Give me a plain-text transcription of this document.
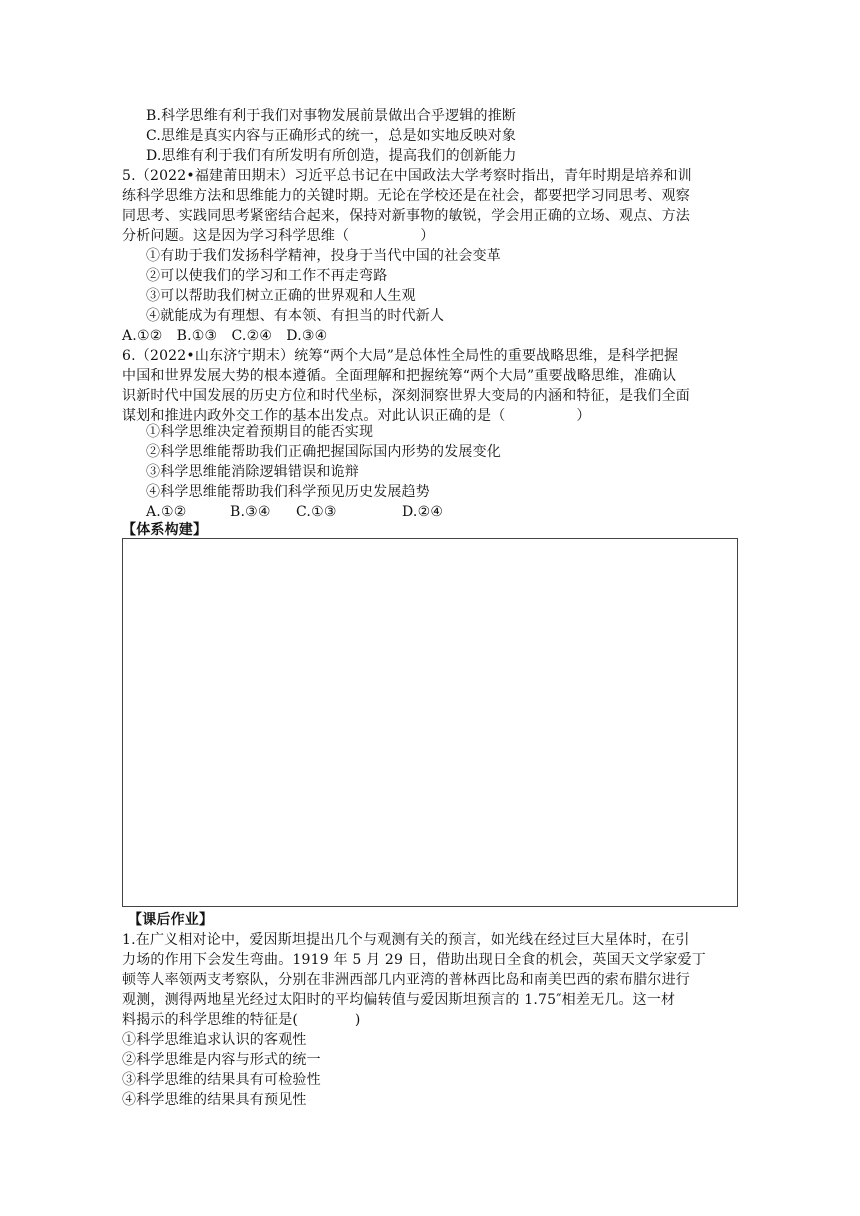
B.科学思维有利于我们对事物发展前景做出合乎逻辑的推断
C.思维是真实内容与正确形式的统一，总是如实地反映对象
D.思维有利于我们有所发明有所创造，提高我们的创新能力
5.（2022•福建莆田期末）习近平总书记在中国政法大学考察时指出，青年时期是培养和训
练科学思维方法和思维能力的关键时期。无论在学校还是在社会，都要把学习同思考、观察
同思考、实践同思考紧密结合起来，保持对新事物的敏锐，学会用正确的立场、观点、方法
分析问题。这是因为学习科学思维（　　　　　）
①有助于我们发扬科学精神，投身于当代中国的社会变革
②可以使我们的学习和工作不再走弯路
③可以帮助我们树立正确的世界观和人生观
④就能成为有理想、有本领、有担当的时代新人
A.①②　B.①③　C.②④　D.③④
6.（2022•山东济宁期末）统筹“两个大局”是总体性全局性的重要战略思维，是科学把握
中国和世界发展大势的根本遵循。全面理解和把握统筹“两个大局”重要战略思维，准确认
识新时代中国发展的历史方位和时代坐标，深刻洞察世界大变局的内涵和特征，是我们全面
谋划和推进内政外交工作的基本出发点。对此认识正确的是（　　　　　）
①科学思维决定着预期目的能否实现
②科学思维能帮助我们正确把握国际国内形势的发展变化
③科学思维能消除逻辑错误和诡辩
④科学思维能帮助我们科学预见历史发展趋势
A.①②	B.③④ C.①③	D.②④
【体系构建】
【课后作业】
1.在广义相对论中，爱因斯坦提出几个与观测有关的预言，如光线在经过巨大星体时，在引
力场的作用下会发生弯曲。1919 年 5 月 29 日，借助出现日全食的机会，英国天文学家爱丁
顿等人率领两支考察队，分别在非洲西部几内亚湾的普林西比岛和南美巴西的索布腊尔进行
观测，测得两地星光经过太阳时的平均偏转值与爱因斯坦预言的 1.75″相差无几。这一材
料揭示的科学思维的特征是(　　　　)
①科学思维追求认识的客观性
②科学思维是内容与形式的统一
③科学思维的结果具有可检验性
④科学思维的结果具有预见性
